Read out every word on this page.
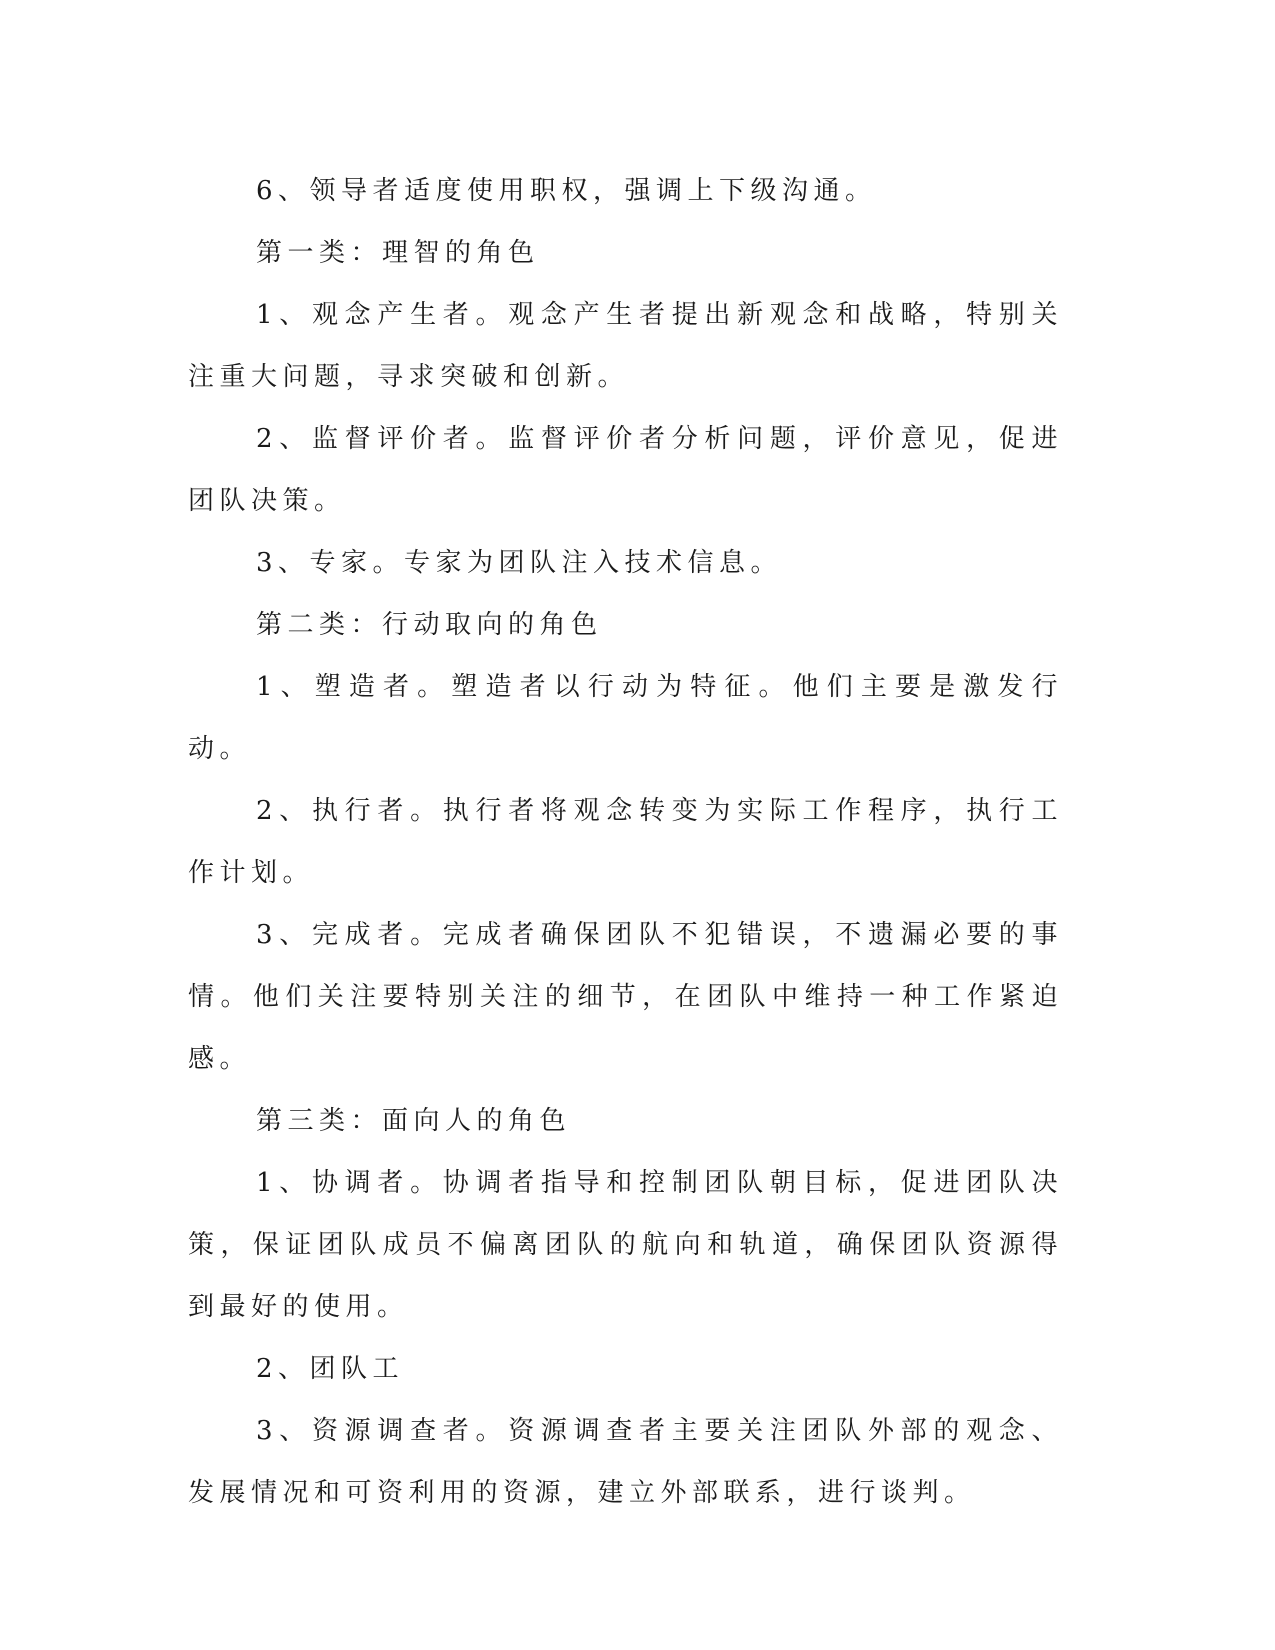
6、领导者适度使用职权，强调上下级沟通。

第一类：理智的角色

1、观念产生者。观念产生者提出新观念和战略，特别关注重大问题，寻求突破和创新。

2、监督评价者。监督评价者分析问题，评价意见，促进团队决策。

3、专家。专家为团队注入技术信息。

第二类：行动取向的角色

1、塑造者。塑造者以行动为特征。他们主要是激发行动。

2、执行者。执行者将观念转变为实际工作程序，执行工作计划。

3、完成者。完成者确保团队不犯错误，不遗漏必要的事情。他们关注要特别关注的细节，在团队中维持一种工作紧迫感。

第三类：面向人的角色

1、协调者。协调者指导和控制团队朝目标，促进团队决策，保证团队成员不偏离团队的航向和轨道，确保团队资源得到最好的使用。

2、团队工

3、资源调查者。资源调查者主要关注团队外部的观念、发展情况和可资利用的资源，建立外部联系，进行谈判。
